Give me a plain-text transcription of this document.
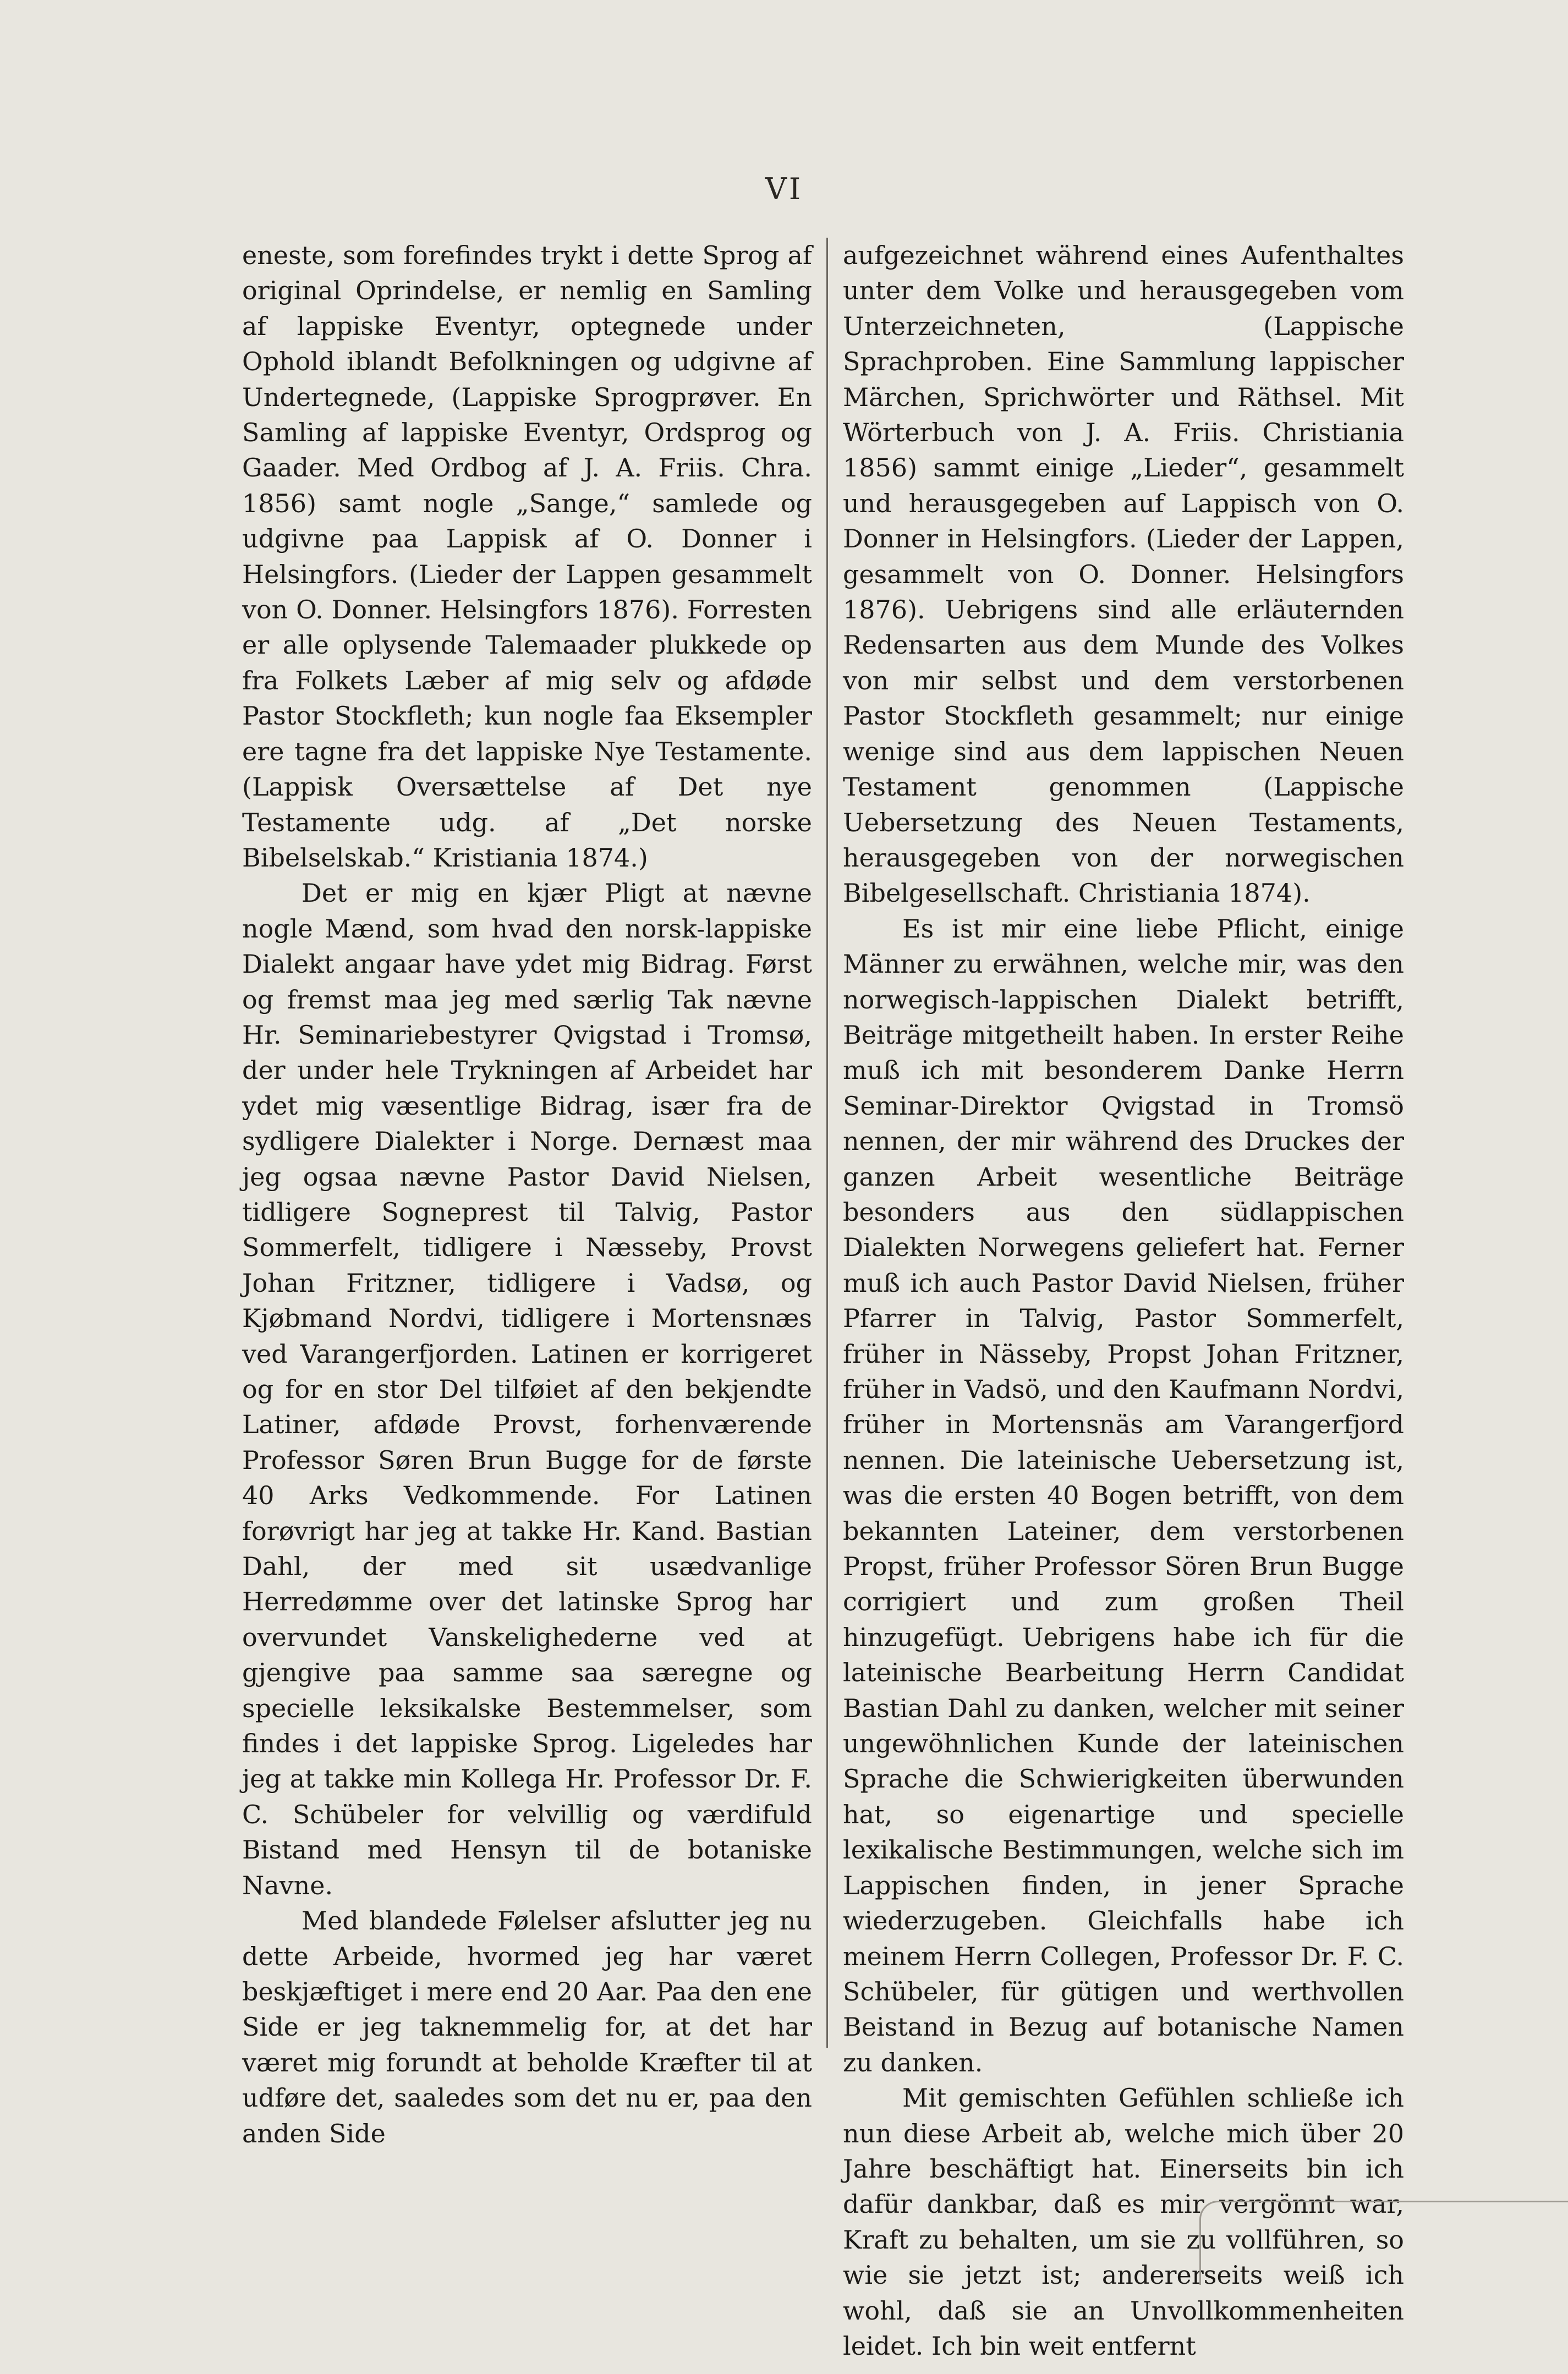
VI

eneste, som forefindes trykt i dette Sprog af original Oprindelse, er nemlig en Samling af lappiske Eventyr, optegnede under Ophold iblandt Befolkningen og udgivne af Undertegnede, (Lappiske Sprogprøver. En Samling af lappiske Eventyr, Ordsprog og Gaader. Med Ordbog af J. A. Friis. Chra. 1856) samt nogle „Sange,“ samlede og udgivne paa Lappisk af O. Donner i Helsingfors. (Lieder der Lappen gesammelt von O. Donner. Helsingfors 1876). Forresten er alle oplysende Talemaader plukkede op fra Folkets Læber af mig selv og afdøde Pastor Stockfleth; kun nogle faa Eksempler ere tagne fra det lappiske Nye Testamente. (Lappisk Oversættelse af Det nye Testamente udg. af „Det norske Bibelselskab.“ Kristiania 1874.)

Det er mig en kjær Pligt at nævne nogle Mænd, som hvad den norsk-lappiske Dialekt angaar have ydet mig Bidrag. Først og fremst maa jeg med særlig Tak nævne Hr. Seminariebestyrer Qvigstad i Tromsø, der under hele Trykningen af Arbeidet har ydet mig væsentlige Bidrag, især fra de sydligere Dialekter i Norge. Dernæst maa jeg ogsaa nævne Pastor David Nielsen, tidligere Sogneprest til Talvig, Pastor Sommerfelt, tidligere i Næsseby, Provst Johan Fritzner, tidligere i Vadsø, og Kjøbmand Nordvi, tidligere i Mortensnæs ved Varangerfjorden. Latinen er korrigeret og for en stor Del tilføiet af den bekjendte Latiner, afdøde Provst, forhenværende Professor Søren Brun Bugge for de første 40 Arks Vedkommende. For Latinen forøvrigt har jeg at takke Hr. Kand. Bastian Dahl, der med sit usædvanlige Herredømme over det latinske Sprog har overvundet Vanskelighederne ved at gjengive paa samme saa særegne og specielle leksikalske Bestemmelser, som findes i det lappiske Sprog. Ligeledes har jeg at takke min Kollega Hr. Professor Dr. F. C. Schübeler for velvillig og værdifuld Bistand med Hensyn til de botaniske Navne.

Med blandede Følelser afslutter jeg nu dette Arbeide, hvormed jeg har været beskjæftiget i mere end 20 Aar. Paa den ene Side er jeg taknemmelig for, at det har været mig forundt at beholde Kræfter til at udføre det, saaledes som det nu er, paa den anden Side

aufgezeichnet während eines Aufenthaltes unter dem Volke und herausgegeben vom Unterzeichneten, (Lappische Sprachproben. Eine Sammlung lappischer Märchen, Sprichwörter und Räthsel. Mit Wörterbuch von J. A. Friis. Christiania 1856) sammt einige „Lieder“, gesammelt und herausgegeben auf Lappisch von O. Donner in Helsingfors. (Lieder der Lappen, gesammelt von O. Donner. Helsingfors 1876). Uebrigens sind alle erläuternden Redensarten aus dem Munde des Volkes von mir selbst und dem verstorbenen Pastor Stockfleth gesammelt; nur einige wenige sind aus dem lappischen Neuen Testament genommen (Lappische Uebersetzung des Neuen Testaments, herausgegeben von der norwegischen Bibelgesellschaft. Christiania 1874).

Es ist mir eine liebe Pflicht, einige Männer zu erwähnen, welche mir, was den norwegisch-lappischen Dialekt betrifft, Beiträge mitgetheilt haben. In erster Reihe muß ich mit besonderem Danke Herrn Seminar-Direktor Qvigstad in Tromsö nennen, der mir während des Druckes der ganzen Arbeit wesentliche Beiträge besonders aus den südlappischen Dialekten Norwegens geliefert hat. Ferner muß ich auch Pastor David Nielsen, früher Pfarrer in Talvig, Pastor Sommerfelt, früher in Nässeby, Propst Johan Fritzner, früher in Vadsö, und den Kaufmann Nordvi, früher in Mortensnäs am Varangerfjord nennen. Die lateinische Uebersetzung ist, was die ersten 40 Bogen betrifft, von dem bekannten Lateiner, dem verstorbenen Propst, früher Professor Sören Brun Bugge corrigiert und zum großen Theil hinzugefügt. Uebrigens habe ich für die lateinische Bearbeitung Herrn Candidat Bastian Dahl zu danken, welcher mit seiner ungewöhnlichen Kunde der lateinischen Sprache die Schwierigkeiten überwunden hat, so eigenartige und specielle lexikalische Bestimmungen, welche sich im Lappischen finden, in jener Sprache wiederzugeben. Gleichfalls habe ich meinem Herrn Collegen, Professor Dr. F. C. Schübeler, für gütigen und werthvollen Beistand in Bezug auf botanische Namen zu danken.

Mit gemischten Gefühlen schließe ich nun diese Arbeit ab, welche mich über 20 Jahre beschäftigt hat. Einerseits bin ich dafür dankbar, daß es mir vergönnt war, Kraft zu behalten, um sie zu vollführen, so wie sie jetzt ist; andererseits weiß ich wohl, daß sie an Unvollkommenheiten leidet. Ich bin weit entfernt
